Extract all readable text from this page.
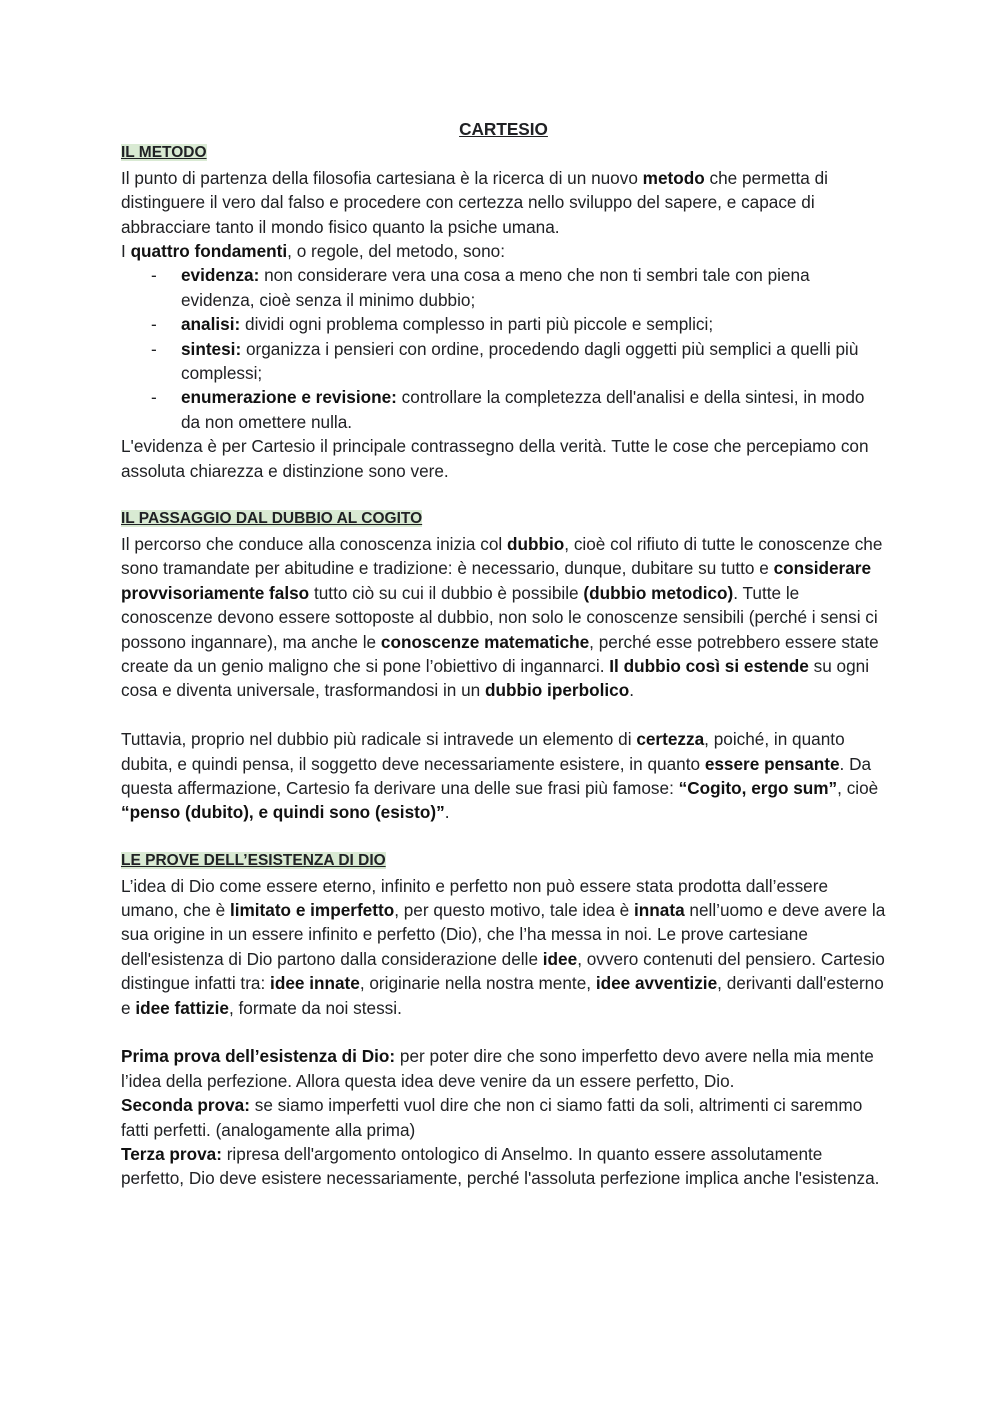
CARTESIO

IL METODO

Il punto di partenza della filosofia cartesiana è la ricerca di un nuovo metodo che permetta di distinguere il vero dal falso e procedere con certezza nello sviluppo del sapere, e capace di abbracciare tanto il mondo fisico quanto la psiche umana.

I quattro fondamenti, o regole, del metodo, sono:

- evidenza: non considerare vera una cosa a meno che non ti sembri tale con piena evidenza, cioè senza il minimo dubbio;
- analisi: dividi ogni problema complesso in parti più piccole e semplici;
- sintesi: organizza i pensieri con ordine, procedendo dagli oggetti più semplici a quelli più complessi;
- enumerazione e revisione: controllare la completezza dell'analisi e della sintesi, in modo da non omettere nulla.

L'evidenza è per Cartesio il principale contrassegno della verità. Tutte le cose che percepiamo con assoluta chiarezza e distinzione sono vere.

IL PASSAGGIO DAL DUBBIO AL COGITO

Il percorso che conduce alla conoscenza inizia col dubbio, cioè col rifiuto di tutte le conoscenze che sono tramandate per abitudine e tradizione: è necessario, dunque, dubitare su tutto e considerare provvisoriamente falso tutto ciò su cui il dubbio è possibile (dubbio metodico). Tutte le conoscenze devono essere sottoposte al dubbio, non solo le conoscenze sensibili (perché i sensi ci possono ingannare), ma anche le conoscenze matematiche, perché esse potrebbero essere state create da un genio maligno che si pone l’obiettivo di ingannarci. Il dubbio così si estende su ogni cosa e diventa universale, trasformandosi in un dubbio iperbolico.

Tuttavia, proprio nel dubbio più radicale si intravede un elemento di certezza, poiché, in quanto dubita, e quindi pensa, il soggetto deve necessariamente esistere, in quanto essere pensante. Da questa affermazione, Cartesio fa derivare una delle sue frasi più famose: “Cogito, ergo sum”, cioè “penso (dubito), e quindi sono (esisto)”.

LE PROVE DELL’ESISTENZA DI DIO

L’idea di Dio come essere eterno, infinito e perfetto non può essere stata prodotta dall’essere umano, che è limitato e imperfetto, per questo motivo, tale idea è innata nell’uomo e deve avere la sua origine in un essere infinito e perfetto (Dio), che l’ha messa in noi. Le prove cartesiane dell'esistenza di Dio partono dalla considerazione delle idee, ovvero contenuti del pensiero. Cartesio distingue infatti tra: idee innate, originarie nella nostra mente, idee avventizie, derivanti dall'esterno e idee fattizie, formate da noi stessi.

Prima prova dell’esistenza di Dio: per poter dire che sono imperfetto devo avere nella mia mente l’idea della perfezione. Allora questa idea deve venire da un essere perfetto, Dio.

Seconda prova: se siamo imperfetti vuol dire che non ci siamo fatti da soli, altrimenti ci saremmo fatti perfetti. (analogamente alla prima)

Terza prova: ripresa dell'argomento ontologico di Anselmo. In quanto essere assolutamente perfetto, Dio deve esistere necessariamente, perché l'assoluta perfezione implica anche l'esistenza.
